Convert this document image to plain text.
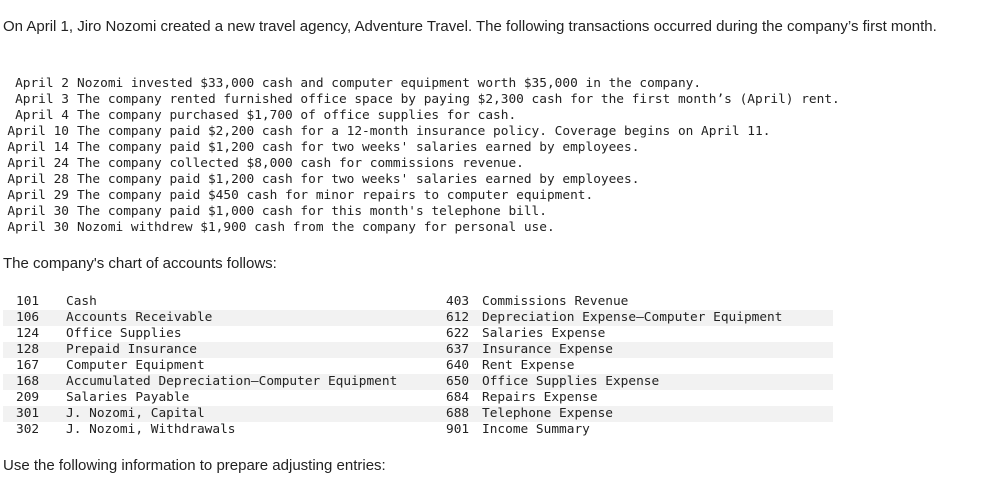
On April 1, Jiro Nozomi created a new travel agency, Adventure Travel. The following transactions occurred during the company’s first month.

April 2 Nozomi invested $33,000 cash and computer equipment worth $35,000 in the company.
April 3 The company rented furnished office space by paying $2,300 cash for the first month’s (April) rent.
April 4 The company purchased $1,700 of office supplies for cash.
April 10 The company paid $2,200 cash for a 12-month insurance policy. Coverage begins on April 11.
April 14 The company paid $1,200 cash for two weeks' salaries earned by employees.
April 24 The company collected $8,000 cash for commissions revenue.
April 28 The company paid $1,200 cash for two weeks' salaries earned by employees.
April 29 The company paid $450 cash for minor repairs to computer equipment.
April 30 The company paid $1,000 cash for this month's telephone bill.
April 30 Nozomi withdrew $1,900 cash from the company for personal use.

The company's chart of accounts follows:

101	Cash	403	Commissions Revenue
106	Accounts Receivable	612	Depreciation Expense—Computer Equipment
124	Office Supplies	622	Salaries Expense
128	Prepaid Insurance	637	Insurance Expense
167	Computer Equipment	640	Rent Expense
168	Accumulated Depreciation—Computer Equipment	650	Office Supplies Expense
209	Salaries Payable	684	Repairs Expense
301	J. Nozomi, Capital	688	Telephone Expense
302	J. Nozomi, Withdrawals	901	Income Summary

Use the following information to prepare adjusting entries:
